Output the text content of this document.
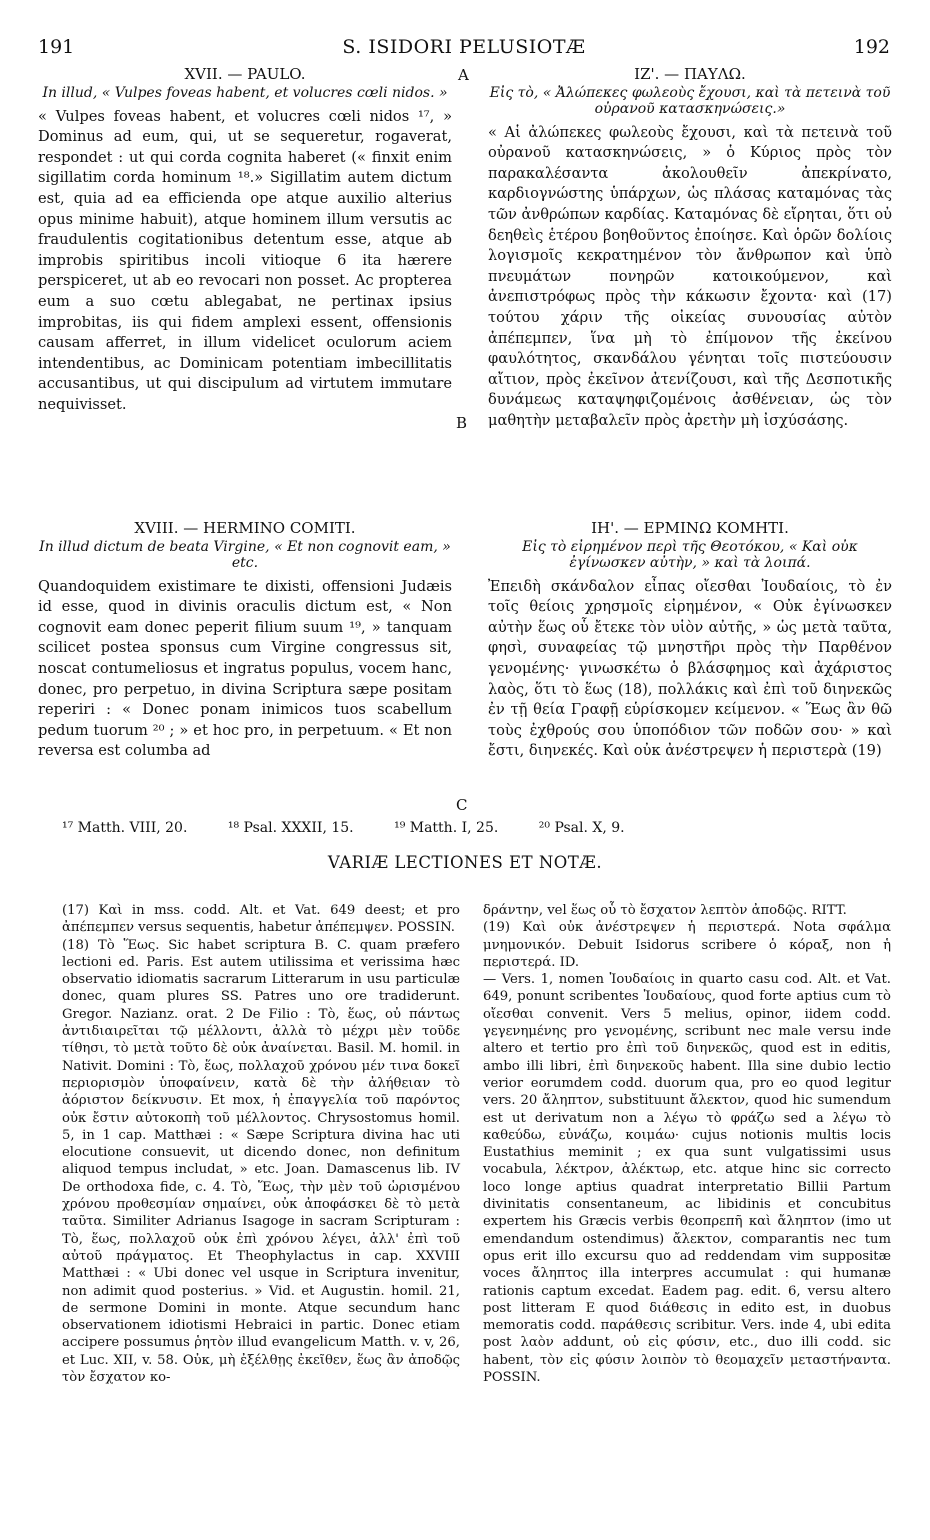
191	S. ISIDORI PELUSIOTÆ	192
A
B
C
XVII. — PAULO.
In illud, « Vulpes foveas habent, et volucres cœli nidos. »

« Vulpes foveas habent, et volucres cœli nidos ¹⁷, » Dominus ad eum, qui, ut se sequeretur, rogaverat, respondet : ut qui corda cognita haberet (« finxit enim sigillatim corda hominum ¹⁸.» Sigillatim autem dictum est, quia ad ea efficienda ope atque auxilio alterius opus minime habuit), atque hominem illum versutis ac fraudulentis cogitationibus detentum esse, atque ab improbis spiritibus incoli vitioque 6 ita hærere perspiceret, ut ab eo revocari non posset. Ac propterea eum a suo cœtu ablegabat, ne pertinax ipsius improbitas, iis qui fidem amplexi essent, offensionis causam afferret, in illum videlicet oculorum aciem intendentibus, ac Dominicam potentiam imbecillitatis accusantibus, ut qui discipulum ad virtutem immutare nequivisset.

ΙΖ'. — ΠΑΥΛΩ.
Εἰς τὸ, « Ἀλώπεκες φωλεοὺς ἔχουσι, καὶ τὰ πετεινὰ τοῦ οὐρανοῦ κατασκηνώσεις.»

« Αἱ ἀλώπεκες φωλεοὺς ἔχουσι, καὶ τὰ πετεινὰ τοῦ οὐρανοῦ κατασκηνώσεις, » ὁ Κύριος πρὸς τὸν παρακαλέσαντα ἀκολουθεῖν ἀπεκρίνατο, καρδιογνώστης ὑπάρχων, ὡς πλάσας καταμόνας τὰς τῶν ἀνθρώπων καρδίας. Καταμόνας δὲ εἴρηται, ὅτι οὐ δεηθεὶς ἑτέρου βοηθοῦντος ἐποίησε. Καὶ ὁρῶν δολίοις λογισμοῖς κεκρατημένον τὸν ἄνθρωπον καὶ ὑπὸ πνευμάτων πονηρῶν κατοικούμενον, καὶ ἀνεπιστρόφως πρὸς τὴν κάκωσιν ἔχοντα· καὶ (17) τούτου χάριν τῆς οἰκείας συνουσίας αὐτὸν ἀπέπεμπεν, ἵνα μὴ τὸ ἐπίμονον τῆς ἐκείνου φαυλότητος, σκανδάλου γένηται τοῖς πιστεύουσιν αἴτιον, πρὸς ἐκεῖνον ἀτενίζουσι, καὶ τῆς Δεσποτικῆς δυνάμεως καταψηφιζομένοις ἀσθένειαν, ὡς τὸν μαθητὴν μεταβαλεῖν πρὸς ἀρετὴν μὴ ἰσχύσάσης.

XVIII. — HERMINO COMITI.
In illud dictum de beata Virgine, « Et non cognovit eam, » etc.

Quandoquidem existimare te dixisti, offensioni Judæis id esse, quod in divinis oraculis dictum est, « Non cognovit eam donec peperit filium suum ¹⁹, » tanquam scilicet postea sponsus cum Virgine congressus sit, noscat contumeliosus et ingratus populus, vocem hanc, donec, pro perpetuo, in divina Scriptura sæpe positam reperiri : « Donec ponam inimicos tuos scabellum pedum tuorum ²⁰ ; » et hoc pro, in perpetuum. « Et non reversa est columba ad

ΙΗ'. — ΕΡΜΙΝΩ ΚΟΜΗΤΙ.
Εἰς τὸ εἰρημένον περὶ τῆς Θεοτόκου, « Καὶ οὐκ ἐγίνωσκεν αὐτὴν, » καὶ τὰ λοιπά.

Ἐπειδὴ σκάνδαλον εἶπας οἴεσθαι Ἰουδαίοις, τὸ ἐν τοῖς θείοις χρησμοῖς εἰρημένον, « Οὐκ ἐγίνωσκεν αὐτὴν ἕως οὗ ἔτεκε τὸν υἱὸν αὐτῆς, » ὡς μετὰ ταῦτα, φησὶ, συναφείας τῷ μνηστῆρι πρὸς τὴν Παρθένον γενομένης· γινωσκέτω ὁ βλάσφημος καὶ ἀχάριστος λαὸς, ὅτι τὸ ἕως (18), πολλάκις καὶ ἐπὶ τοῦ διηνεκῶς ἐν τῇ θεία Γραφῇ εὑρίσκομεν κείμενον. « Ἕως ἂν θῶ τοὺς ἐχθρούς σου ὑποπόδιον τῶν ποδῶν σου· » καὶ ἔστι, διηνεκές. Καὶ οὐκ ἀνέστρεψεν ἡ περιστερὰ (19)

¹⁷ Matth. VIII, 20.	¹⁸ Psal. XXXII, 15.	¹⁹ Matth. I, 25.	²⁰ Psal. X, 9.
VARIÆ LECTIONES ET NOTÆ.

(17) Καὶ in mss. codd. Alt. et Vat. 649 deest; et pro ἀπέπεμπεν versus sequentis, habetur ἀπέπεμψεν. POSSIN.

(18) Τὸ Ἕως. Sic habet scriptura B. C. quam præfero lectioni ed. Paris. Est autem utilissima et verissima hæc observatio idiomatis sacrarum Litterarum in usu particulæ donec, quam plures SS. Patres uno ore tradiderunt. Gregor. Nazianz. orat. 2 De Filio : Τὸ, ἕως, οὐ πάντως ἀντιδιαιρεῖται τῷ μέλλοντι, ἀλλὰ τὸ μέχρι μὲν τοῦδε τίθησι, τὸ μετὰ τοῦτο δὲ οὐκ ἀναίνεται. Basil. M. homil. in Nativit. Domini : Τὸ, ἕως, πολλαχοῦ χρόνου μέν τινα δοκεῖ περιορισμὸν ὑποφαίνειν, κατὰ δὲ τὴν ἀλήθειαν τὸ ἀόριστον δείκνυσιν. Et mox, ἡ ἐπαγγελία τοῦ παρόντος οὐκ ἔστιν αὐτοκοπὴ τοῦ μέλλοντος. Chrysostomus homil. 5, in 1 cap. Matthæi : « Sæpe Scriptura divina hac uti elocutione consuevit, ut dicendo donec, non definitum aliquod tempus includat, » etc. Joan. Damascenus lib. IV De orthodoxa fide, c. 4. Τὸ, Ἕως, τὴν μὲν τοῦ ὡρισμένου χρόνου προθεσμίαν σημαίνει, οὐκ ἀποφάσκει δὲ τὸ μετὰ ταῦτα. Similiter Adrianus Isagoge in sacram Scripturam : Τὸ, ἕως, πολλαχοῦ οὐκ ἐπὶ χρόνου λέγει, ἀλλ' ἐπὶ τοῦ αὐτοῦ πράγματος. Et Theophylactus in cap. XXVIII Matthæi : « Ubi donec vel usque in Scriptura invenitur, non adimit quod posterius. » Vid. et Augustin. homil. 21, de sermone Domini in monte. Atque secundum hanc observationem idiotismi Hebraici in partic. Donec etiam accipere possumus ῥητὸν illud evangelicum Matth. v. v, 26, et Luc. XII, v. 58. Οὐκ, μὴ ἐξέλθῃς ἐκεῖθεν, ἕως ἂν ἀποδῷς τὸν ἔσχατον κο-

δράντην, vel ἕως οὗ τὸ ἔσχατον λεπτὸν ἀποδῷς. RITT.

(19) Καὶ οὐκ ἀνέστρεψεν ἡ περιστερά. Nota σφάλμα μνημονικόν. Debuit Isidorus scribere ὁ κόραξ, non ἡ περιστερά. ID.

— Vers. 1, nomen Ἰουδαίοις in quarto casu cod. Alt. et Vat. 649, ponunt scribentes Ἰουδαίους, quod forte aptius cum τὸ οἴεσθαι convenit. Vers 5 melius, opinor, iidem codd. γεγενημένης pro γενομένης, scribunt nec male versu inde altero et tertio pro ἐπὶ τοῦ διηνεκῶς, quod est in editis, ambo illi libri, ἐπὶ διηνεκοῦς habent. Illa sine dubio lectio verior eorumdem codd. duorum qua, pro eo quod legitur vers. 20 ἄληπτον, substituunt ἄλεκτον, quod hic sumendum est ut derivatum non a λέγω τὸ φράζω sed a λέγω τὸ καθεύδω, εὐνάζω, κοιμάω· cujus notionis multis locis Eustathius meminit ; ex qua sunt vulgatissimi usus vocabula, λέκτρον, ἀλέκτωρ, etc. atque hinc sic correcto loco longe aptius quadrat interpretatio Billii Partum divinitatis consentaneum, ac libidinis et concubitus expertem his Græcis verbis θεοπρεπῆ καὶ ἄληπτον (imo ut emendandum ostendimus) ἄλεκτον, comparantis nec tum opus erit illo excursu quo ad reddendam vim suppositæ voces ἄληπτος illa interpres accumulat : qui humanæ rationis captum excedat. Eadem pag. edit. 6, versu altero post litteram E quod διάθεσις in edito est, in duobus memoratis codd. παράθεσις scribitur. Vers. inde 4, ubi edita post λαὸν addunt, οὐ εἰς φύσιν, etc., duo illi codd. sic habent, τὸν εἰς φύσιν λοιπὸν τὸ θεομαχεῖν μεταστήναντα. POSSIN.
